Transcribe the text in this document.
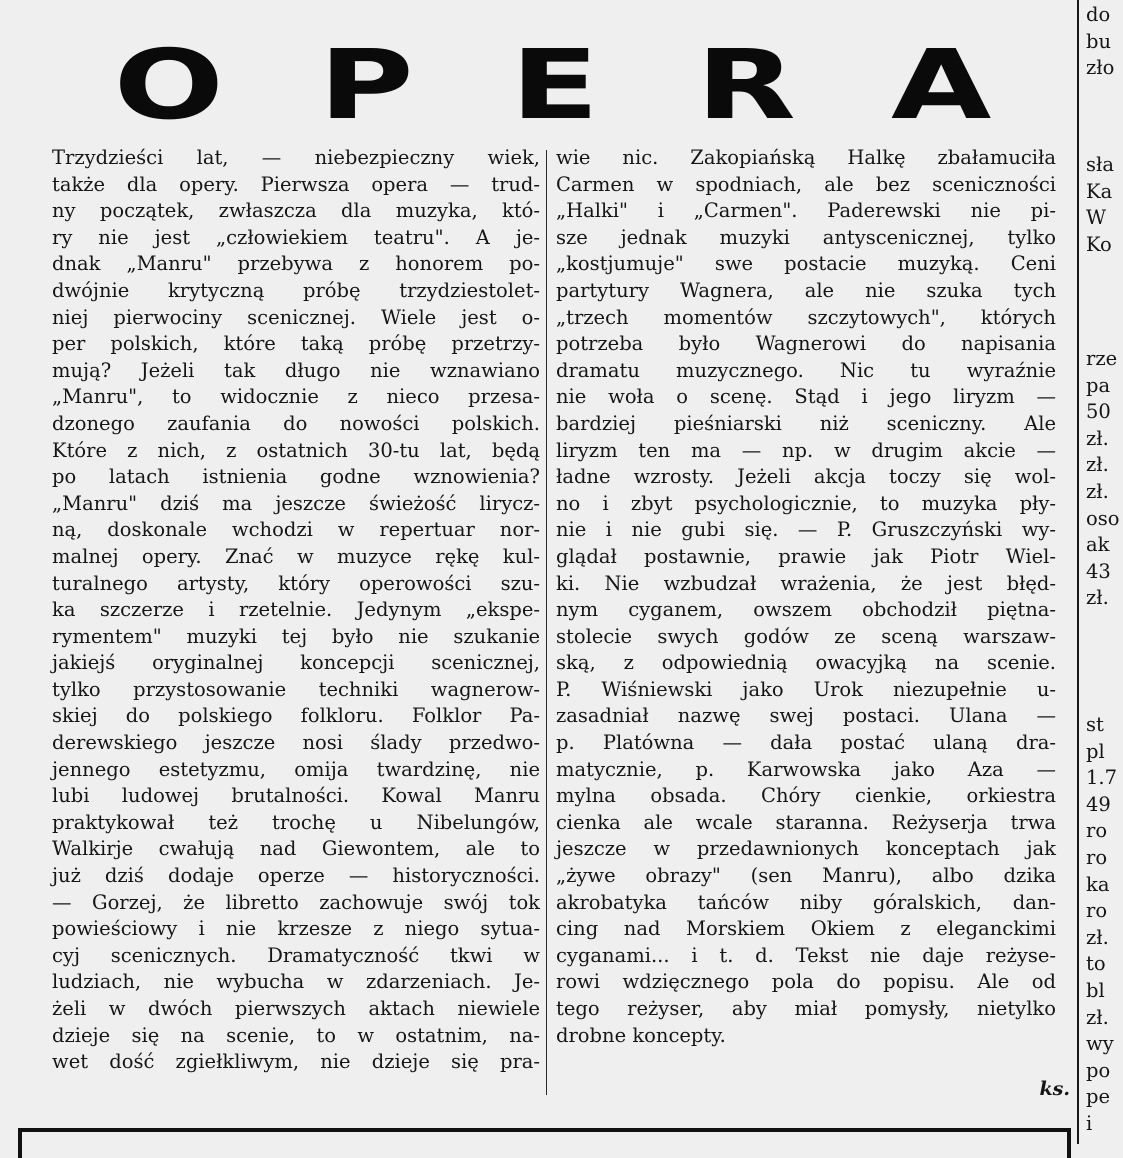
O P E R A

Trzydzieści lat, — niebezpieczny wiek,
także dla opery. Pierwsza opera — trud-
ny początek, zwłaszcza dla muzyka, któ-
ry nie jest „człowiekiem teatru". A je-
dnak „Manru" przebywa z honorem po-
dwójnie krytyczną próbę trzydziestolet-
niej pierwociny scenicznej. Wiele jest o-
per polskich, które taką próbę przetrzy-
mują? Jeżeli tak długo nie wznawiano
„Manru", to widocznie z nieco przesa-
dzonego zaufania do nowości polskich.
Które z nich, z ostatnich 30-tu lat, będą
po latach istnienia godne wznowienia?
„Manru" dziś ma jeszcze świeżość lirycz-
ną, doskonale wchodzi w repertuar nor-
malnej opery. Znać w muzyce rękę kul-
turalnego artysty, który operowości szu-
ka szczerze i rzetelnie. Jedynym „ekspe-
rymentem" muzyki tej było nie szukanie
jakiejś oryginalnej koncepcji scenicznej,
tylko przystosowanie techniki wagnerow-
skiej do polskiego folkloru. Folklor Pa-
derewskiego jeszcze nosi ślady przedwo-
jennego estetyzmu, omija twardzinę, nie
lubi ludowej brutalności. Kowal Manru
praktykował też trochę u Nibelungów,
Walkirje cwałują nad Giewontem, ale to
już dziś dodaje operze — historyczności.
— Gorzej, że libretto zachowuje swój tok
powieściowy i nie krzesze z niego sytua-
cyj scenicznych. Dramatyczność tkwi w
ludziach, nie wybucha w zdarzeniach. Je-
żeli w dwóch pierwszych aktach niewiele
dzieje się na scenie, to w ostatnim, na-
wet dość zgiełkliwym, nie dzieje się pra-

wie nic. Zakopiańską Halkę zbałamuciła
Carmen w spodniach, ale bez sceniczności
„Halki" i „Carmen". Paderewski nie pi-
sze jednak muzyki antyscenicznej, tylko
„kostjumuje" swe postacie muzyką. Ceni
partytury Wagnera, ale nie szuka tych
„trzech momentów szczytowych", których
potrzeba było Wagnerowi do napisania
dramatu muzycznego. Nic tu wyraźnie
nie woła o scenę. Stąd i jego liryzm —
bardziej pieśniarski niż sceniczny. Ale
liryzm ten ma — np. w drugim akcie —
ładne wzrosty. Jeżeli akcja toczy się wol-
no i zbyt psychologicznie, to muzyka pły-
nie i nie gubi się. — P. Gruszczyński wy-
glądał postawnie, prawie jak Piotr Wiel-
ki. Nie wzbudzał wrażenia, że jest błęd-
nym cyganem, owszem obchodził piętna-
stolecie swych godów ze sceną warszaw-
ską, z odpowiednią owacyjką na scenie.
P. Wiśniewski jako Urok niezupełnie u-
zasadniał nazwę swej postaci. Ulana —
p. Platówna — dała postać ulaną dra-
matycznie, p. Karwowska jako Aza —
mylna obsada. Chóry cienkie, orkiestra
cienka ale wcale staranna. Reżyserja trwa
jeszcze w przedawnionych konceptach jak
„żywe obrazy" (sen Manru), albo dzika
akrobatyka tańców niby góralskich, dan-
cing nad Morskiem Okiem z eleganckimi
cyganami... i t. d. Tekst nie daje reżyse-
rowi wdzięcznego pola do popisu. Ale od
tego reżyser, aby miał pomysły, nietylko
drobne koncepty.

ks.

do
bu
zło
sła
Ka
W
Ko
rze
pa
50
zł.
zł.
zł.
oso
ak
43
zł.
st
pl
1.7
49
ro
ro
ka
ro
zł.
to
bl
zł.
wy
po
pe
i
